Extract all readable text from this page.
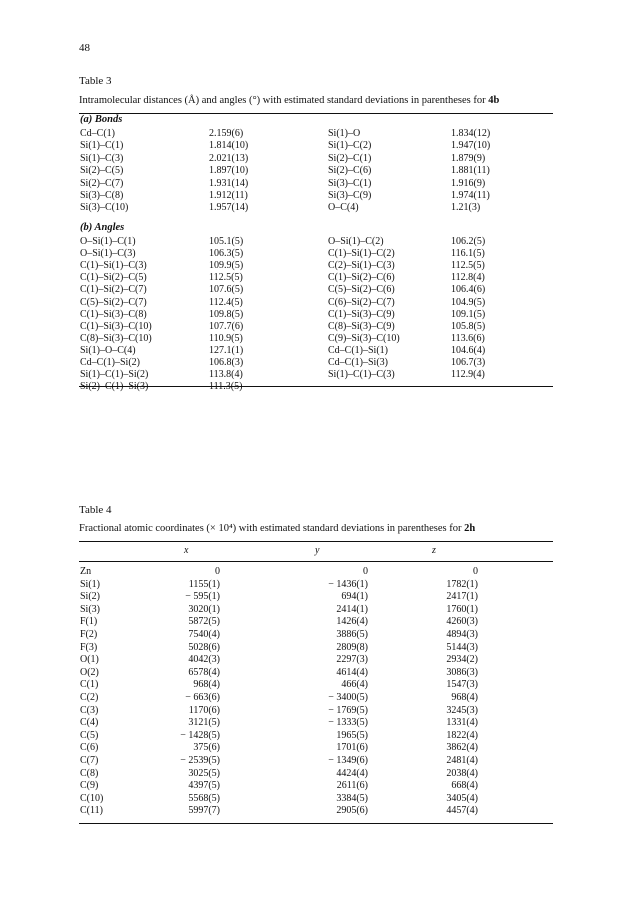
48
Table 3
Intramolecular distances (Å) and angles (°) with estimated standard deviations in parentheses for 4b
(a) Bonds
Cd–C(1)	2.159(6)	Si(1)–O	1.834(12)
Si(1)–C(1)	1.814(10)	Si(1)–C(2)	1.947(10)
Si(1)–C(3)	2.021(13)	Si(2)–C(1)	1.879(9)
Si(2)–C(5)	1.897(10)	Si(2)–C(6)	1.881(11)
Si(2)–C(7)	1.931(14)	Si(3)–C(1)	1.916(9)
Si(3)–C(8)	1.912(11)	Si(3)–C(9)	1.974(11)
Si(3)–C(10)	1.957(14)	O–C(4)	1.21(3)
(b) Angles
O–Si(1)–C(1)	105.1(5)	O–Si(1)–C(2)	106.2(5)
O–Si(1)–C(3)	106.3(5)	C(1)–Si(1)–C(2)	116.1(5)
C(1)–Si(1)–C(3)	109.9(5)	C(2)–Si(1)–C(3)	112.5(5)
C(1)–Si(2)–C(5)	112.5(5)	C(1)–Si(2)–C(6)	112.8(4)
C(1)–Si(2)–C(7)	107.6(5)	C(5)–Si(2)–C(6)	106.4(6)
C(5)–Si(2)–C(7)	112.4(5)	C(6)–Si(2)–C(7)	104.9(5)
C(1)–Si(3)–C(8)	109.8(5)	C(1)–Si(3)–C(9)	109.1(5)
C(1)–Si(3)–C(10)	107.7(6)	C(8)–Si(3)–C(9)	105.8(5)
C(8)–Si(3)–C(10)	110.9(5)	C(9)–Si(3)–C(10)	113.6(6)
Si(1)–O–C(4)	127.1(1)	Cd–C(1)–Si(1)	104.6(4)
Cd–C(1)–Si(2)	106.8(3)	Cd–C(1)–Si(3)	106.7(3)
Si(1)–C(1)–Si(2)	113.8(4)	Si(1)–C(1)–C(3)	112.9(4)
Si(2)–C(1)–Si(3)	111.3(5)
Table 4
Fractional atomic coordinates (× 10⁴) with estimated standard deviations in parentheses for 2h
x	y	z
Zn	0	0	0
Si(1)	1155(1)	− 1436(1)	1782(1)
Si(2)	− 595(1)	694(1)	2417(1)
Si(3)	3020(1)	2414(1)	1760(1)
F(1)	5872(5)	1426(4)	4260(3)
F(2)	7540(4)	3886(5)	4894(3)
F(3)	5028(6)	2809(8)	5144(3)
O(1)	4042(3)	2297(3)	2934(2)
O(2)	6578(4)	4614(4)	3086(3)
C(1)	968(4)	466(4)	1547(3)
C(2)	− 663(6)	− 3400(5)	968(4)
C(3)	1170(6)	− 1769(5)	3245(3)
C(4)	3121(5)	− 1333(5)	1331(4)
C(5)	− 1428(5)	1965(5)	1822(4)
C(6)	375(6)	1701(6)	3862(4)
C(7)	− 2539(5)	− 1349(6)	2481(4)
C(8)	3025(5)	4424(4)	2038(4)
C(9)	4397(5)	2611(6)	668(4)
C(10)	5568(5)	3384(5)	3405(4)
C(11)	5997(7)	2905(6)	4457(4)
